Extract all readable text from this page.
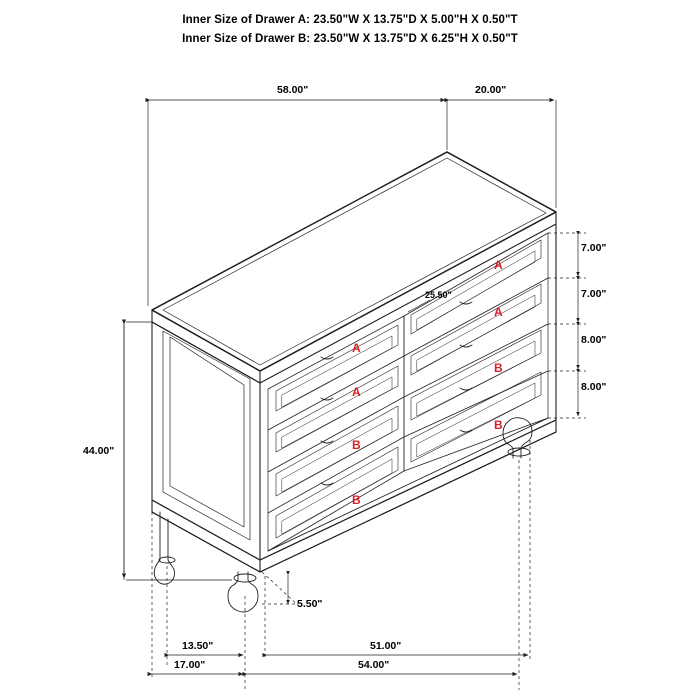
Inner Size of Drawer A: 23.50"W X 13.75"D X 5.00"H X 0.50"T
Inner Size of Drawer B: 23.50"W X 13.75"D X 6.25"H X 0.50"T
58.00"	20.00"
44.00"
7.00"
7.00"
8.00"
8.00"
25.50"
5.50"
13.50"	51.00"
17.00"	54.00"
A
A
B
B
A
A
B
B
